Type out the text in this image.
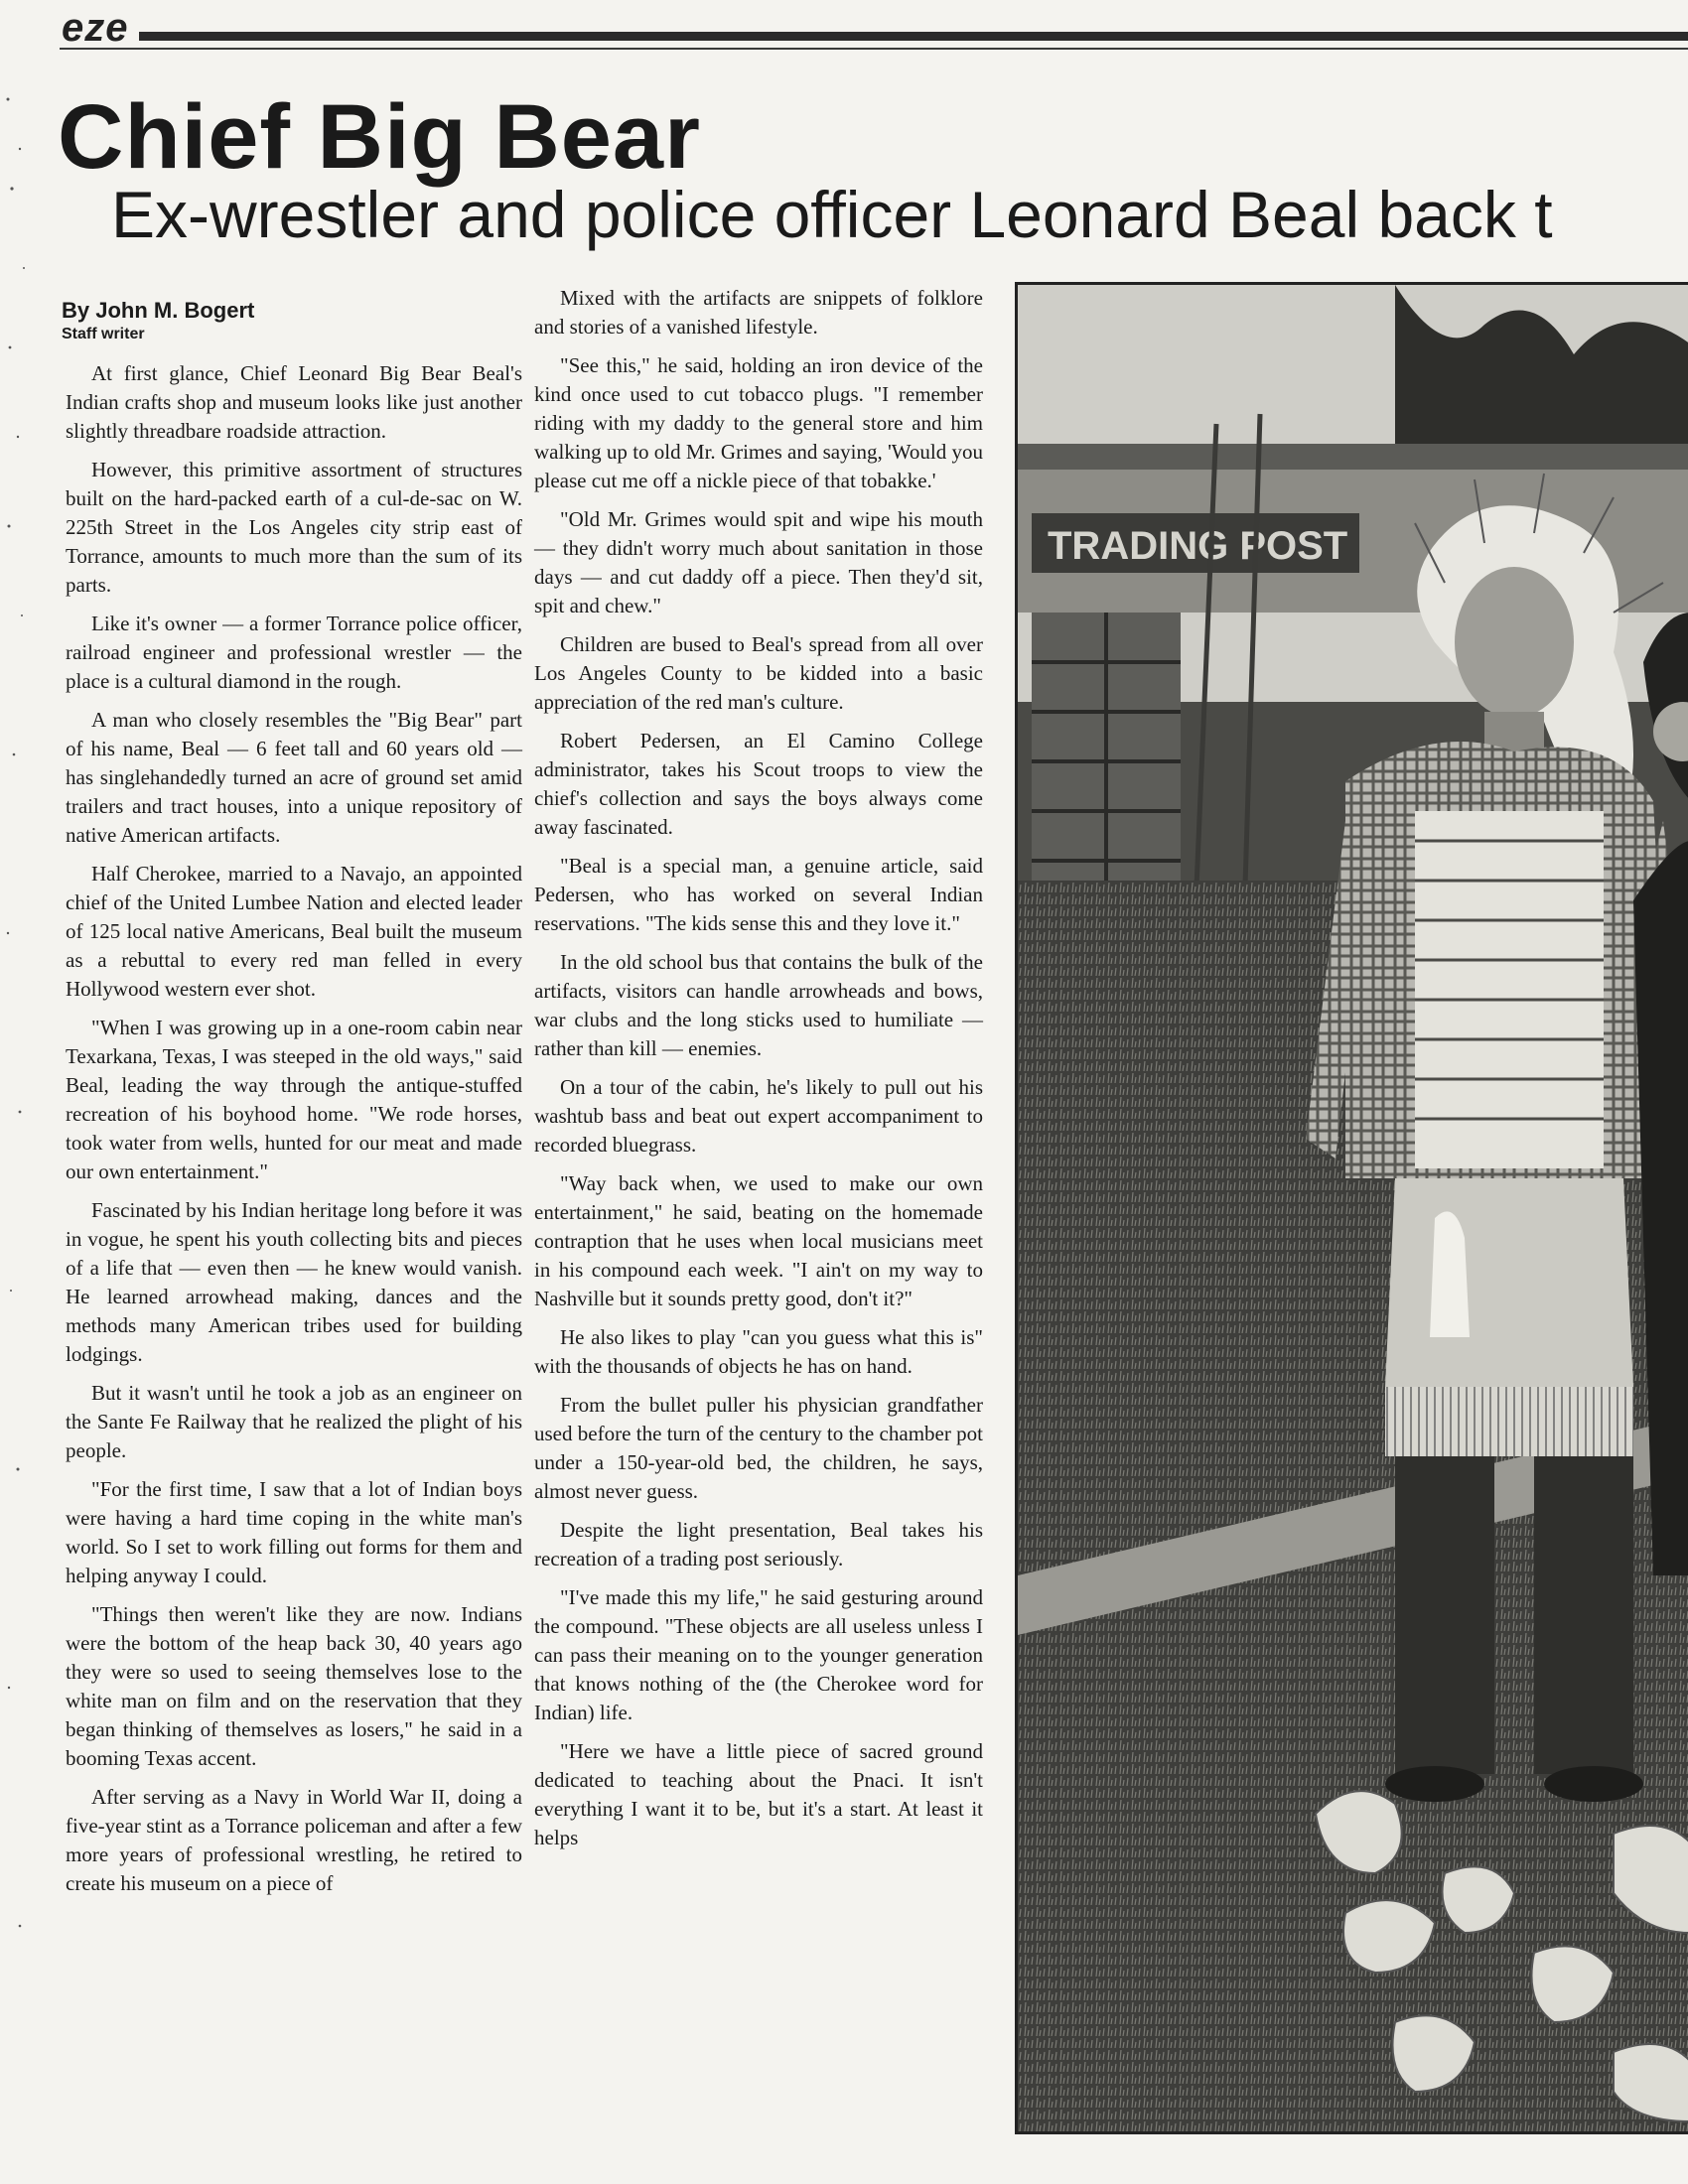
eze
Chief Big Bear
Ex-wrestler and police officer Leonard Beal back t
By John M. Bogert
Staff writer

At first glance, Chief Leonard Big Bear Beal's Indian crafts shop and museum looks like just another slightly threadbare roadside attraction.

However, this primitive assortment of structures built on the hard-packed earth of a cul-de-sac on W. 225th Street in the Los Angeles city strip east of Torrance, amounts to much more than the sum of its parts.

Like it's owner — a former Torrance police officer, railroad engineer and professional wrestler — the place is a cultural diamond in the rough.

A man who closely resembles the "Big Bear" part of his name, Beal — 6 feet tall and 60 years old — has singlehandedly turned an acre of ground set amid trailers and tract houses, into a unique repository of native American artifacts.

Half Cherokee, married to a Navajo, an appointed chief of the United Lumbee Nation and elected leader of 125 local native Americans, Beal built the museum as a rebuttal to every red man felled in every Hollywood western ever shot.

"When I was growing up in a one-room cabin near Texarkana, Texas, I was steeped in the old ways," said Beal, leading the way through the antique-stuffed recreation of his boyhood home. "We rode horses, took water from wells, hunted for our meat and made our own entertainment."

Fascinated by his Indian heritage long before it was in vogue, he spent his youth collecting bits and pieces of a life that — even then — he knew would vanish. He learned arrowhead making, dances and the methods many American tribes used for building lodgings.

But it wasn't until he took a job as an engineer on the Sante Fe Railway that he realized the plight of his people.

"For the first time, I saw that a lot of Indian boys were having a hard time coping in the white man's world. So I set to work filling out forms for them and helping anyway I could.

"Things then weren't like they are now. Indians were the bottom of the heap back 30, 40 years ago they were so used to seeing themselves lose to the white man on film and on the reservation that they began thinking of themselves as losers," he said in a booming Texas accent.

After serving as a Navy in World War II, doing a five-year stint as a Torrance policeman and after a few more years of professional wrestling, he retired to create his museum on a piece of

Mixed with the artifacts are snippets of folklore and stories of a vanished lifestyle.

"See this," he said, holding an iron device of the kind once used to cut tobacco plugs. "I remember riding with my daddy to the general store and him walking up to old Mr. Grimes and saying, 'Would you please cut me off a nickle piece of that tobakke.'

"Old Mr. Grimes would spit and wipe his mouth — they didn't worry much about sanitation in those days — and cut daddy off a piece. Then they'd sit, spit and chew."

Children are bused to Beal's spread from all over Los Angeles County to be kidded into a basic appreciation of the red man's culture.

Robert Pedersen, an El Camino College administrator, takes his Scout troops to view the chief's collection and says the boys always come away fascinated.

"Beal is a special man, a genuine article, said Pedersen, who has worked on several Indian reservations. "The kids sense this and they love it."

In the old school bus that contains the bulk of the artifacts, visitors can handle arrowheads and bows, war clubs and the long sticks used to humiliate — rather than kill — enemies.

On a tour of the cabin, he's likely to pull out his washtub bass and beat out expert accompaniment to recorded bluegrass.

"Way back when, we used to make our own entertainment," he said, beating on the homemade contraption that he uses when local musicians meet in his compound each week. "I ain't on my way to Nashville but it sounds pretty good, don't it?"

He also likes to play "can you guess what this is" with the thousands of objects he has on hand.

From the bullet puller his physician grandfather used before the turn of the century to the chamber pot under a 150-year-old bed, the children, he says, almost never guess.

Despite the light presentation, Beal takes his recreation of a trading post seriously.

"I've made this my life," he said gesturing around the compound. "These objects are all useless unless I can pass their meaning on to the younger generation that knows nothing of the (the Cherokee word for Indian) life.

"Here we have a little piece of sacred ground dedicated to teaching about the Pnaci. It isn't everything I want it to be, but it's a start. At least it helps

TRADING POST
